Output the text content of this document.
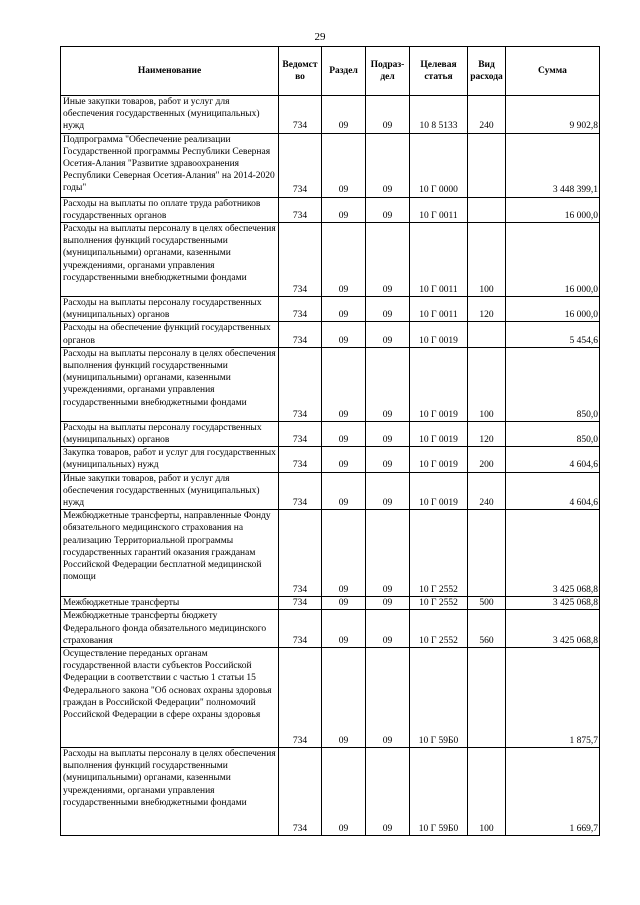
29
Наименование	Ведомст во	Раздел	Подраз- дел	Целевая статья	Вид расхода	Сумма
Иные закупки товаров, работ и услуг для обеспечения государственных (муниципальных) нужд	734	09	09	10 8 5133	240	9 902,8
Подпрограмма "Обеспечение реализации Государственной программы Республики Северная Осетия-Алания "Развитие здравоохранения Республики Северная Осетия-Алания" на 2014-2020 годы"	734	09	09	10 Г 0000		3 448 399,1
Расходы на выплаты по оплате труда работников государственных органов	734	09	09	10 Г 0011		16 000,0
Расходы на выплаты персоналу в целях обеспечения выполнения функций государственными (муниципальными) органами, казенными учреждениями, органами управления государственными внебюджетными фондами	734	09	09	10 Г 0011	100	16 000,0
Расходы на выплаты персоналу государственных (муниципальных) органов	734	09	09	10 Г 0011	120	16 000,0
Расходы на обеспечение функций государственных органов	734	09	09	10 Г 0019		5 454,6
Расходы на выплаты персоналу в целях обеспечения выполнения функций государственными (муниципальными) органами, казенными учреждениями, органами управления государственными внебюджетными фондами	734	09	09	10 Г 0019	100	850,0
Расходы на выплаты персоналу государственных (муниципальных) органов	734	09	09	10 Г 0019	120	850,0
Закупка товаров, работ и услуг для государственных (муниципальных) нужд	734	09	09	10 Г 0019	200	4 604,6
Иные закупки товаров, работ и услуг для обеспечения государственных (муниципальных) нужд	734	09	09	10 Г 0019	240	4 604,6
Межбюджетные трансферты, направленные Фонду обязательного медицинского страхования на реализацию Территориальной программы государственных гарантий оказания гражданам Российской Федерации бесплатной медицинской помощи	734	09	09	10 Г 2552		3 425 068,8
Межбюджетные трансферты	734	09	09	10 Г 2552	500	3 425 068,8
Межбюджетные трансферты бюджету Федерального фонда обязательного медицинского страхования	734	09	09	10 Г 2552	560	3 425 068,8
Осуществление переданых органам государственной власти субъектов Российской Федерации в соответствии с частью 1 статьи 15 Федерального закона "Об основах охраны здоровья граждан в Российской Федерации" полномочий Российской Федерации в сфере охраны здоровья	734	09	09	10 Г 59Б0		1 875,7
Расходы на выплаты персоналу в целях обеспечения выполнения функций государственными (муниципальными) органами, казенными учреждениями, органами управления государственными внебюджетными фондами	734	09	09	10 Г 59Б0	100	1 669,7
